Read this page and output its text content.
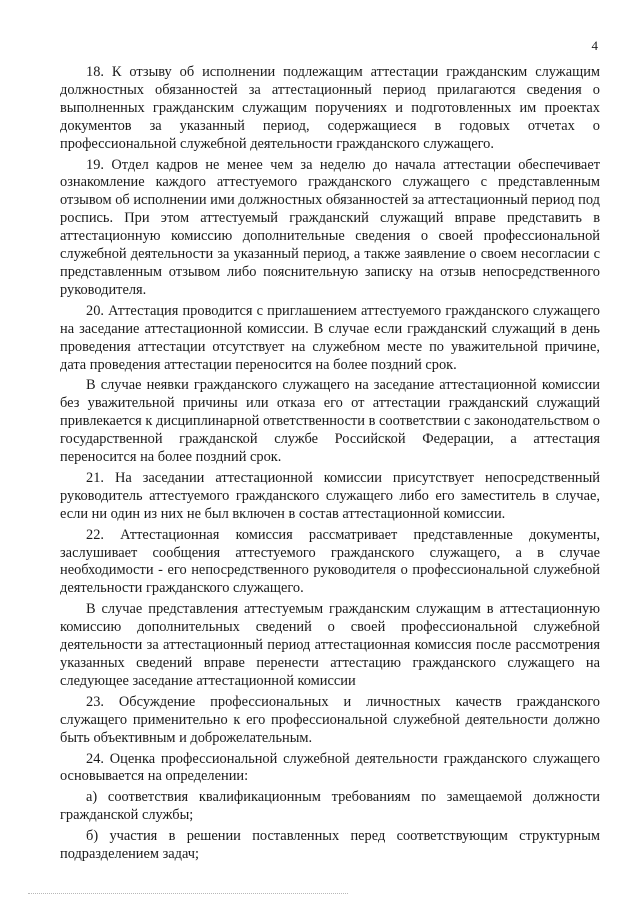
4

18. К отзыву об исполнении подлежащим аттестации гражданским служащим должностных обязанностей за аттестационный период прилагаются сведения о выполненных гражданским служащим поручениях и подготовленных им проектах документов за указанный период, содержащиеся в годовых отчетах о профессиональной служебной деятельности гражданского служащего.

19. Отдел кадров не менее чем за неделю до начала аттестации обеспечивает ознакомление каждого аттестуемого гражданского служащего с представленным отзывом об исполнении ими должностных обязанностей за аттестационный период под роспись. При этом аттестуемый гражданский служащий вправе представить в аттестационную комиссию дополнительные сведения о своей профессиональной служебной деятельности за указанный период, а также заявление о своем несогласии с представленным отзывом либо пояснительную записку на отзыв непосредственного руководителя.

20. Аттестация проводится с приглашением аттестуемого гражданского служащего на заседание аттестационной комиссии. В случае если гражданский служащий в день проведения аттестации отсутствует на служебном месте по уважительной причине, дата проведения аттестации переносится на более поздний срок.

В случае неявки гражданского служащего на заседание аттестационной комиссии без уважительной причины или отказа его от аттестации гражданский служащий привлекается к дисциплинарной ответственности в соответствии с законодательством о государственной гражданской службе Российской Федерации, а аттестация переносится на более поздний срок.

21. На заседании аттестационной комиссии присутствует непосредственный руководитель аттестуемого гражданского служащего либо его заместитель в случае, если ни один из них не был включен в состав аттестационной комиссии.

22. Аттестационная комиссия рассматривает представленные документы, заслушивает сообщения аттестуемого гражданского служащего, а в случае необходимости - его непосредственного руководителя о профессиональной служебной деятельности гражданского служащего.

В случае представления аттестуемым гражданским служащим в аттестационную комиссию дополнительных сведений о своей профессиональной служебной деятельности за аттестационный период аттестационная комиссия после рассмотрения указанных сведений вправе перенести аттестацию гражданского служащего на следующее заседание аттестационной комиссии

23. Обсуждение профессиональных и личностных качеств гражданского служащего применительно к его профессиональной служебной деятельности должно быть объективным и доброжелательным.

24. Оценка профессиональной служебной деятельности гражданского служащего основывается на определении:

а) соответствия квалификационным требованиям по замещаемой должности гражданской службы;

б) участия в решении поставленных перед соответствующим структурным подразделением задач;
